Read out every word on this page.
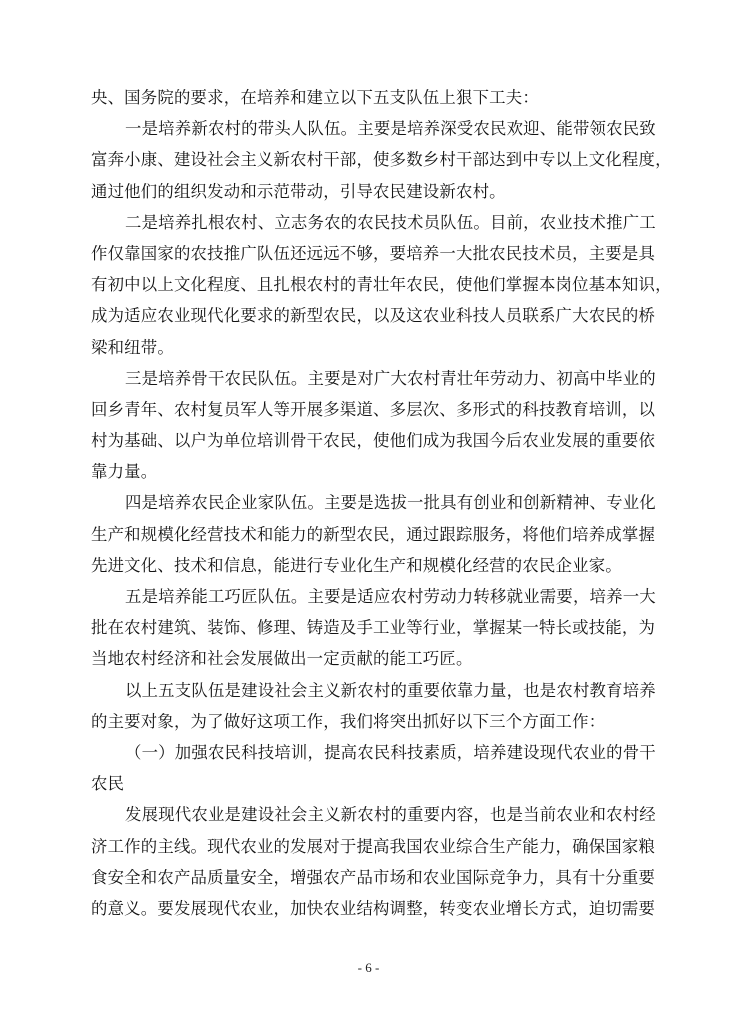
央、国务院的要求，在培养和建立以下五支队伍上狠下工夫：
一是培养新农村的带头人队伍。主要是培养深受农民欢迎、能带领农民致
富奔小康、建设社会主义新农村干部，使多数乡村干部达到中专以上文化程度，
通过他们的组织发动和示范带动，引导农民建设新农村。
二是培养扎根农村、立志务农的农民技术员队伍。目前，农业技术推广工
作仅靠国家的农技推广队伍还远远不够，要培养一大批农民技术员，主要是具
有初中以上文化程度、且扎根农村的青壮年农民，使他们掌握本岗位基本知识，
成为适应农业现代化要求的新型农民，以及这农业科技人员联系广大农民的桥
梁和纽带。
三是培养骨干农民队伍。主要是对广大农村青壮年劳动力、初高中毕业的
回乡青年、农村复员军人等开展多渠道、多层次、多形式的科技教育培训，以
村为基础、以户为单位培训骨干农民，使他们成为我国今后农业发展的重要依
靠力量。
四是培养农民企业家队伍。主要是选拔一批具有创业和创新精神、专业化
生产和规模化经营技术和能力的新型农民，通过跟踪服务，将他们培养成掌握
先进文化、技术和信息，能进行专业化生产和规模化经营的农民企业家。
五是培养能工巧匠队伍。主要是适应农村劳动力转移就业需要，培养一大
批在农村建筑、装饰、修理、铸造及手工业等行业，掌握某一特长或技能，为
当地农村经济和社会发展做出一定贡献的能工巧匠。
以上五支队伍是建设社会主义新农村的重要依靠力量，也是农村教育培养
的主要对象，为了做好这项工作，我们将突出抓好以下三个方面工作：
（一）加强农民科技培训，提高农民科技素质，培养建设现代农业的骨干
农民
发展现代农业是建设社会主义新农村的重要内容，也是当前农业和农村经
济工作的主线。现代农业的发展对于提高我国农业综合生产能力，确保国家粮
食安全和农产品质量安全，增强农产品市场和农业国际竞争力，具有十分重要
的意义。要发展现代农业，加快农业结构调整，转变农业增长方式，迫切需要
- 6 -
